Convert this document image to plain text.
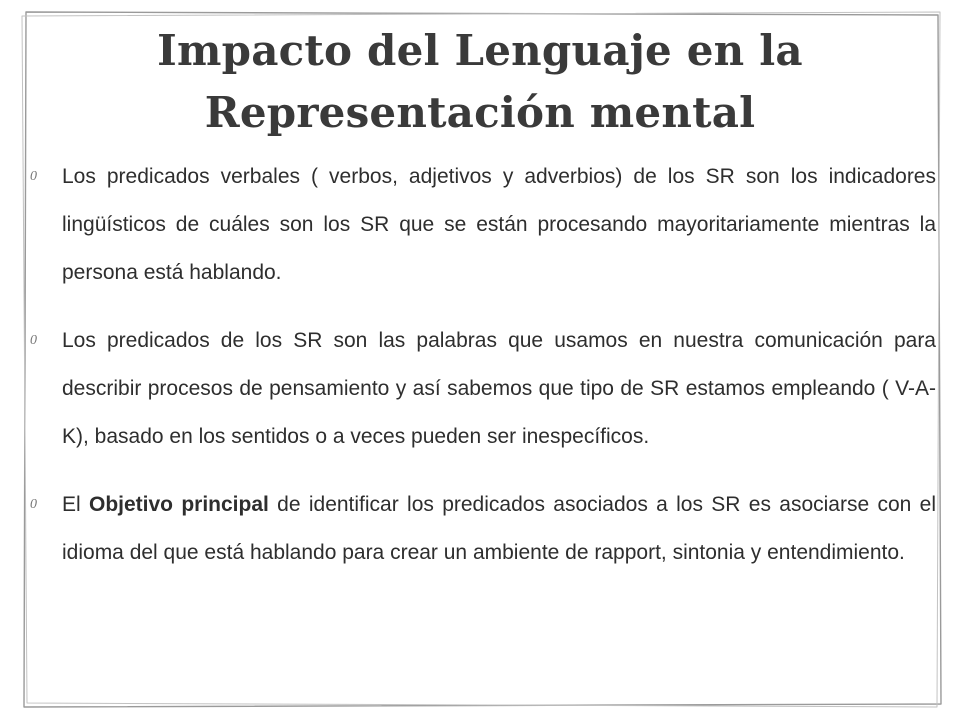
Impacto del Lenguaje en la Representación mental
0	Los predicados verbales ( verbos, adjetivos y adverbios) de los SR son los indicadores lingüísticos de cuáles son los SR que se están procesando mayoritariamente mientras la persona está hablando.
0	Los predicados de los SR son las palabras que usamos en nuestra comunicación para describir procesos de pensamiento y así sabemos que tipo de SR estamos empleando ( V-A-K), basado en los sentidos o a veces pueden ser inespecíficos.
0	El Objetivo principal de identificar los predicados asociados a los SR es asociarse con el idioma del que está hablando para crear un ambiente de rapport, sintonia y entendimiento.
